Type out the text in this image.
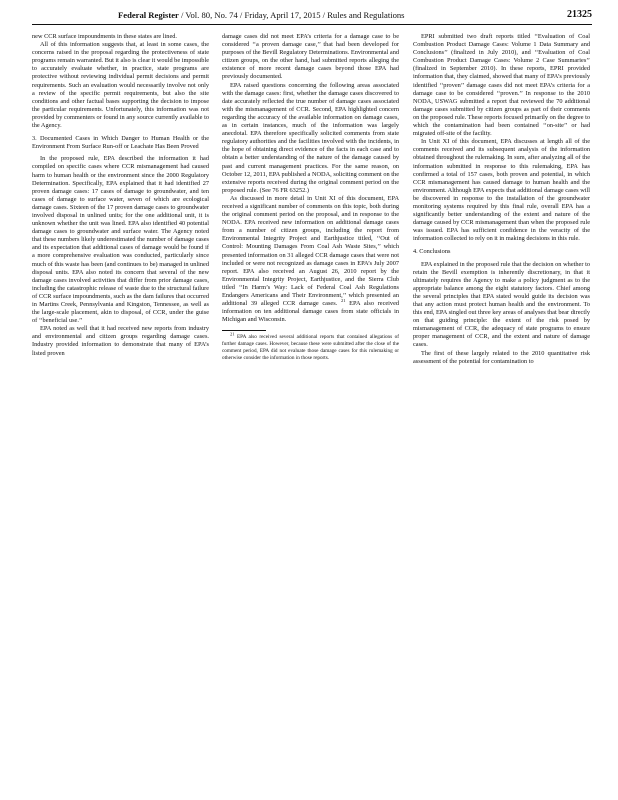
Federal Register / Vol. 80, No. 74 / Friday, April 17, 2015 / Rules and Regulations	21325

new CCR surface impoundments in these states are lined.

All of this information suggests that, at least in some cases, the concerns raised in the proposal regarding the protectiveness of state programs remain warranted. But it also is clear it would be impossible to accurately evaluate whether, in practice, state programs are protective without reviewing individual permit decisions and permit requirements. Such an evaluation would necessarily involve not only a review of the specific permit requirements, but also the site conditions and other factual bases supporting the decision to impose the particular requirements. Unfortunately, this information was not provided by commenters or found in any source currently available to the Agency.

3. Documented Cases in Which Danger to Human Health or the Environment From Surface Run-off or Leachate Has Been Proved

In the proposed rule, EPA described the information it had compiled on specific cases where CCR mismanagement had caused harm to human health or the environment since the 2000 Regulatory Determination. Specifically, EPA explained that it had identified 27 proven damage cases: 17 cases of damage to groundwater, and ten cases of damage to surface water, seven of which are ecological damage cases. Sixteen of the 17 proven damage cases to groundwater involved disposal in unlined units; for the one additional unit, it is unknown whether the unit was lined. EPA also identified 40 potential damage cases to groundwater and surface water. The Agency noted that these numbers likely underestimated the number of damage cases and its expectation that additional cases of damage would be found if a more comprehensive evaluation was conducted, particularly since much of this waste has been (and continues to be) managed in unlined disposal units. EPA also noted its concern that several of the new damage cases involved activities that differ from prior damage cases, including the catastrophic release of waste due to the structural failure of CCR surface impoundments, such as the dam failures that occurred in Martins Creek, Pennsylvania and Kingston, Tennessee, as well as the large-scale placement, akin to disposal, of CCR, under the guise of ‘‘beneficial use.’’

EPA noted as well that it had received new reports from industry and environmental and citizen groups regarding damage cases. Industry provided information to demonstrate that many of EPA’s listed proven

damage cases did not meet EPA’s criteria for a damage case to be considered ‘‘a proven damage case,’’ that had been developed for purposes of the Bevill Regulatory Determinations. Environmental and citizen groups, on the other hand, had submitted reports alleging the existence of more recent damage cases beyond those EPA had previously documented.

EPA raised questions concerning the following areas associated with the damage cases: first, whether the damage cases discovered to date accurately reflected the true number of damage cases associated with the mismanagement of CCR. Second, EPA highlighted concern regarding the accuracy of the available information on damage cases, as in certain instances, much of the information was largely anecdotal. EPA therefore specifically solicited comments from state regulatory authorities and the facilities involved with the incidents, in the hope of obtaining direct evidence of the facts in each case and to obtain a better understanding of the nature of the damage caused by past and current management practices. For the same reason, on October 12, 2011, EPA published a NODA, soliciting comment on the extensive reports received during the original comment period on the proposed rule. (See 76 FR 63252.)

As discussed in more detail in Unit XI of this document, EPA received a significant number of comments on this topic, both during the original comment period on the proposal, and in response to the NODA. EPA received new information on additional damage cases from a number of citizen groups, including the report from Environmental Integrity Project and Earthjustice titled, ‘‘Out of Control: Mounting Damages From Coal Ash Waste Sites,’’ which presented information on 31 alleged CCR damage cases that were not included or were not recognized as damage cases in EPA’s July 2007 report. EPA also received an August 26, 2010 report by the Environmental Integrity Project, Earthjustice, and the Sierra Club titled ‘‘In Harm’s Way: Lack of Federal Coal Ash Regulations Endangers Americans and Their Environment,’’ which presented an additional 39 alleged CCR damage cases. $^{21}$ EPA also received information on ten additional damage cases from state officials in Michigan and Wisconsin.

$^{21}$ EPA also received several additional reports that contained allegations of further damage cases. However, because these were submitted after the close of the comment period, EPA did not evaluate those damage cases for this rulemaking or otherwise consider the information in those reports.

EPRI submitted two draft reports titled ‘‘Evaluation of Coal Combustion Product Damage Cases: Volume 1 Data Summary and Conclusions’’ (finalized in July 2010), and ‘‘Evaluation of Coal Combustion Product Damage Cases: Volume 2 Case Summaries’’ (finalized in September 2010). In these reports, EPRI provided information that, they claimed, showed that many of EPA’s previously identified ‘‘proven’’ damage cases did not meet EPA’s criteria for a damage case to be considered ‘‘proven.’’ In response to the 2010 NODA, USWAG submitted a report that reviewed the 70 additional damage cases submitted by citizen groups as part of their comments on the proposed rule. These reports focused primarily on the degree to which the contamination had been contained ‘‘on-site’’ or had migrated off-site of the facility.

In Unit XI of this document, EPA discusses at length all of the comments received and its subsequent analysis of the information obtained throughout the rulemaking. In sum, after analyzing all of the information submitted in response to this rulemaking, EPA has confirmed a total of 157 cases, both proven and potential, in which CCR mismanagement has caused damage to human health and the environment. Although EPA expects that additional damage cases will be discovered in response to the installation of the groundwater monitoring systems required by this final rule, overall EPA has a significantly better understanding of the extent and nature of the damage caused by CCR mismanagement than when the proposed rule was issued. EPA has sufficient confidence in the veracity of the information collected to rely on it in making decisions in this rule.

4. Conclusions

EPA explained in the proposed rule that the decision on whether to retain the Bevill exemption is inherently discretionary, in that it ultimately requires the Agency to make a policy judgment as to the appropriate balance among the eight statutory factors. Chief among the several principles that EPA stated would guide its decision was that any action must protect human health and the environment. To this end, EPA singled out three key areas of analyses that bear directly on that guiding principle: the extent of the risk posed by mismanagement of CCR, the adequacy of state programs to ensure proper management of CCR, and the extent and nature of damage cases.

The first of these largely related to the 2010 quantitative risk assessment of the potential for contamination to
